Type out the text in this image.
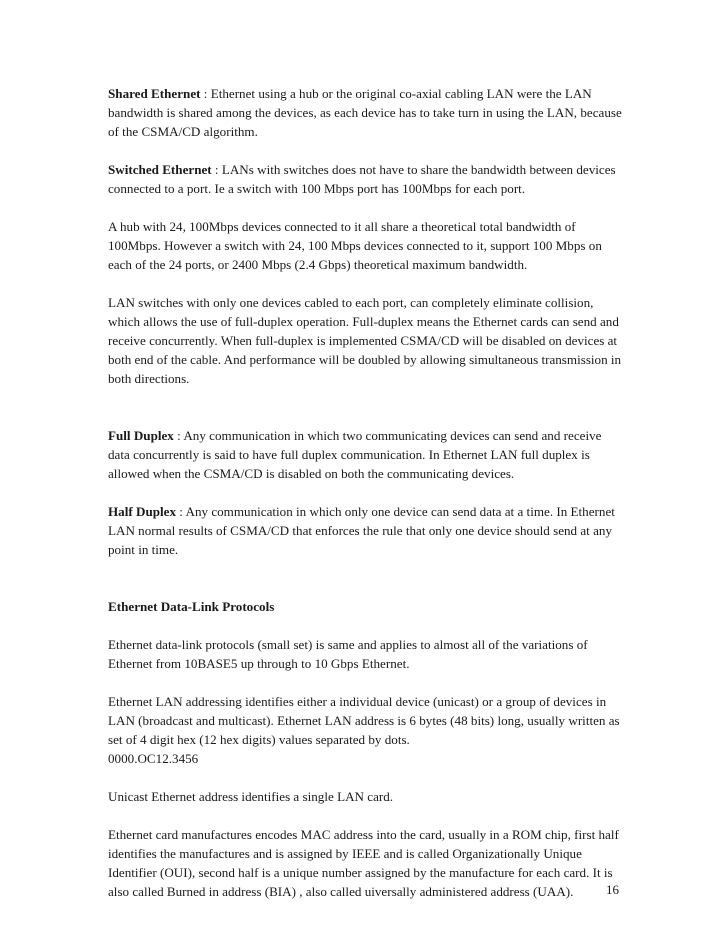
Shared Ethernet : Ethernet using a hub or the original co-axial cabling LAN were the LAN bandwidth is shared among the devices, as each device has to take turn in using the LAN, because of the CSMA/CD algorithm.

Switched Ethernet : LANs with switches does not have to share the bandwidth between devices connected to a port. Ie a switch with 100 Mbps port has 100Mbps for each port.

A hub with 24, 100Mbps devices connected to it all share a theoretical total bandwidth of 100Mbps. However a switch with 24, 100 Mbps devices connected to it, support 100 Mbps on each of the 24 ports, or 2400 Mbps (2.4 Gbps) theoretical maximum bandwidth.

LAN switches with only one devices cabled to each port, can completely eliminate collision, which allows the use of full-duplex operation. Full-duplex means the Ethernet cards can send and receive concurrently. When full-duplex is implemented CSMA/CD will be disabled on devices at both end of the cable. And performance will be doubled by allowing simultaneous transmission in both directions.

Full Duplex : Any communication in which two communicating devices can send and receive data concurrently is said to have full duplex communication. In Ethernet LAN full duplex is allowed when the CSMA/CD is disabled on both the communicating devices.

Half Duplex : Any communication in which only one device can send data at a time. In Ethernet LAN normal results of CSMA/CD that enforces the rule that only one device should send at any point in time.

Ethernet Data-Link Protocols

Ethernet data-link protocols (small set) is same and applies to almost all of the variations of Ethernet from 10BASE5 up through to 10 Gbps Ethernet.

Ethernet LAN addressing identifies either a individual device (unicast) or a group of devices in LAN (broadcast and multicast). Ethernet LAN address is 6 bytes (48 bits) long, usually written as set of 4 digit hex (12 hex digits) values separated by dots.
0000.OC12.3456

Unicast Ethernet address identifies a single LAN card.

Ethernet card manufactures encodes MAC address into the card, usually in a ROM chip, first half identifies the manufactures and is assigned by IEEE and is called Organizationally Unique Identifier (OUI), second half is a unique number assigned by the manufacture for each card. It is also called Burned in address (BIA) , also called uiversally administered address (UAA).	16
